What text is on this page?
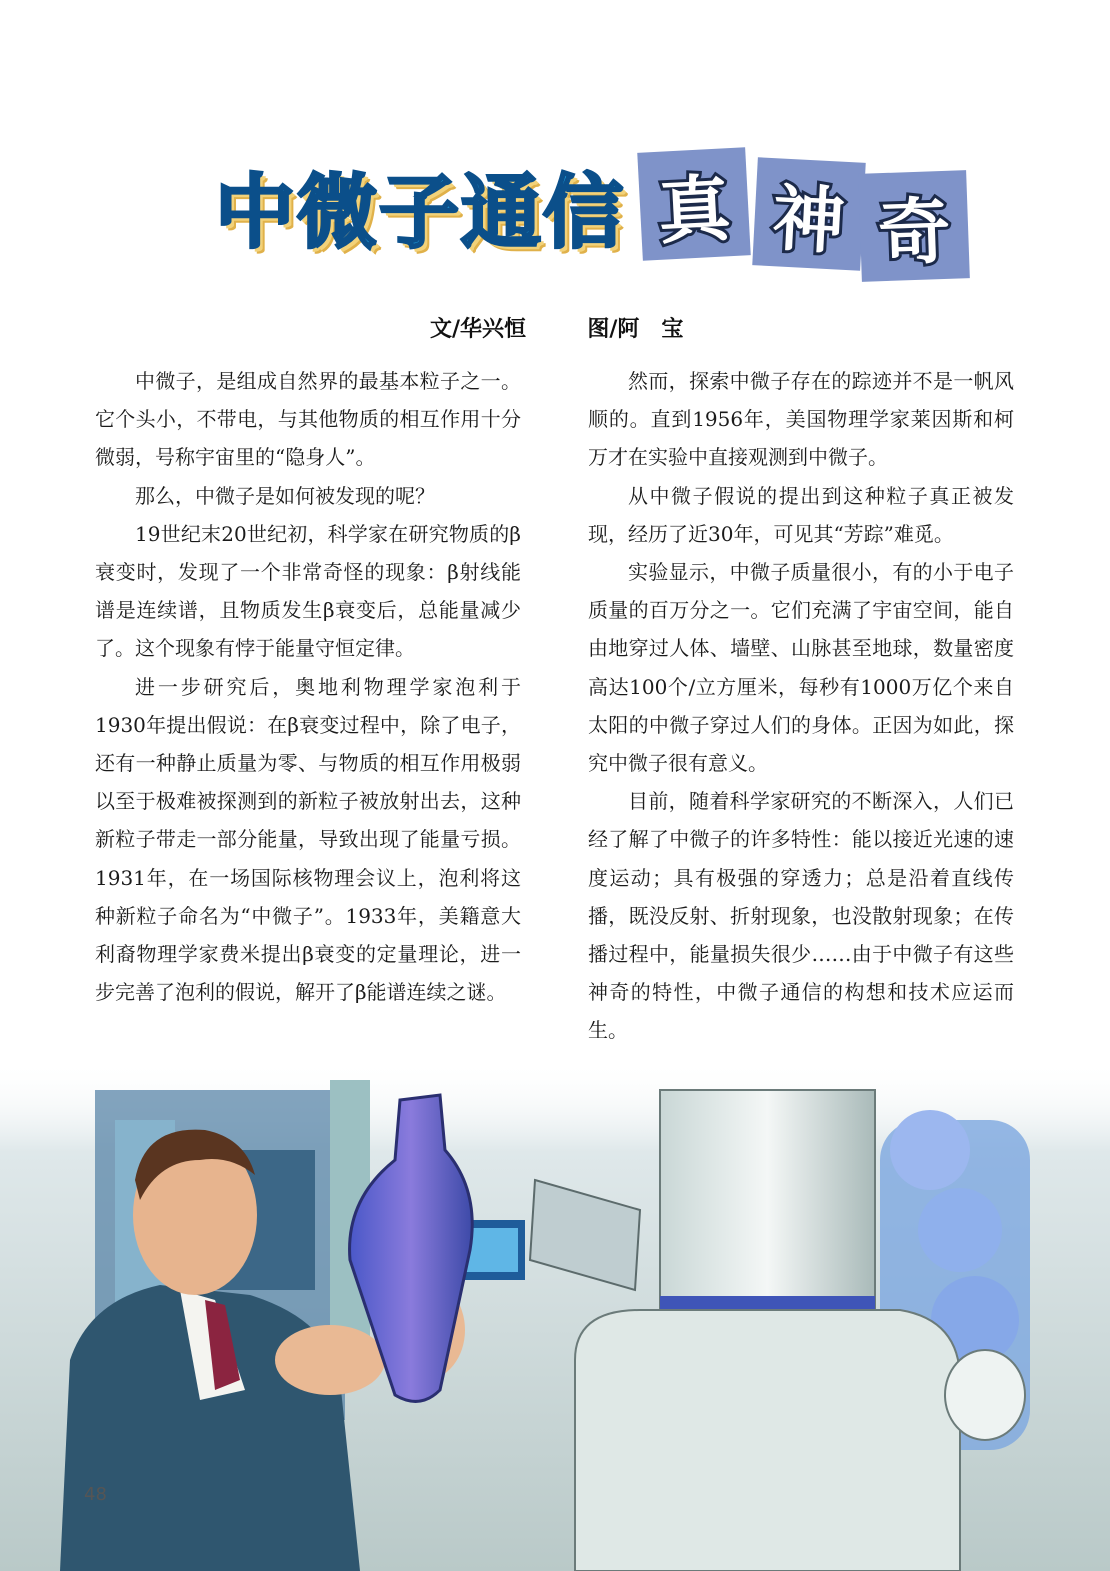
中微子通信 真 神 奇
文/华兴恒	图/阿　宝

中微子，是组成自然界的最基本粒子之一。它个头小，不带电，与其他物质的相互作用十分微弱，号称宇宙里的“隐身人”。

那么，中微子是如何被发现的呢？

19世纪末20世纪初，科学家在研究物质的β衰变时，发现了一个非常奇怪的现象：β射线能谱是连续谱，且物质发生β衰变后，总能量减少了。这个现象有悖于能量守恒定律。

进一步研究后，奥地利物理学家泡利于1930年提出假说：在β衰变过程中，除了电子，还有一种静止质量为零、与物质的相互作用极弱以至于极难被探测到的新粒子被放射出去，这种新粒子带走一部分能量，导致出现了能量亏损。1931年，在一场国际核物理会议上，泡利将这种新粒子命名为“中微子”。1933年，美籍意大利裔物理学家费米提出β衰变的定量理论，进一步完善了泡利的假说，解开了β能谱连续之谜。

然而，探索中微子存在的踪迹并不是一帆风顺的。直到1956年，美国物理学家莱因斯和柯万才在实验中直接观测到中微子。

从中微子假说的提出到这种粒子真正被发现，经历了近30年，可见其“芳踪”难觅。

实验显示，中微子质量很小，有的小于电子质量的百万分之一。它们充满了宇宙空间，能自由地穿过人体、墙壁、山脉甚至地球，数量密度高达100个/立方厘米，每秒有1000万亿个来自太阳的中微子穿过人们的身体。正因为如此，探究中微子很有意义。

目前，随着科学家研究的不断深入，人们已经了解了中微子的许多特性：能以接近光速的速度运动；具有极强的穿透力；总是沿着直线传播，既没反射、折射现象，也没散射现象；在传播过程中，能量损失很少……由于中微子有这些神奇的特性，中微子通信的构想和技术应运而生。

48
